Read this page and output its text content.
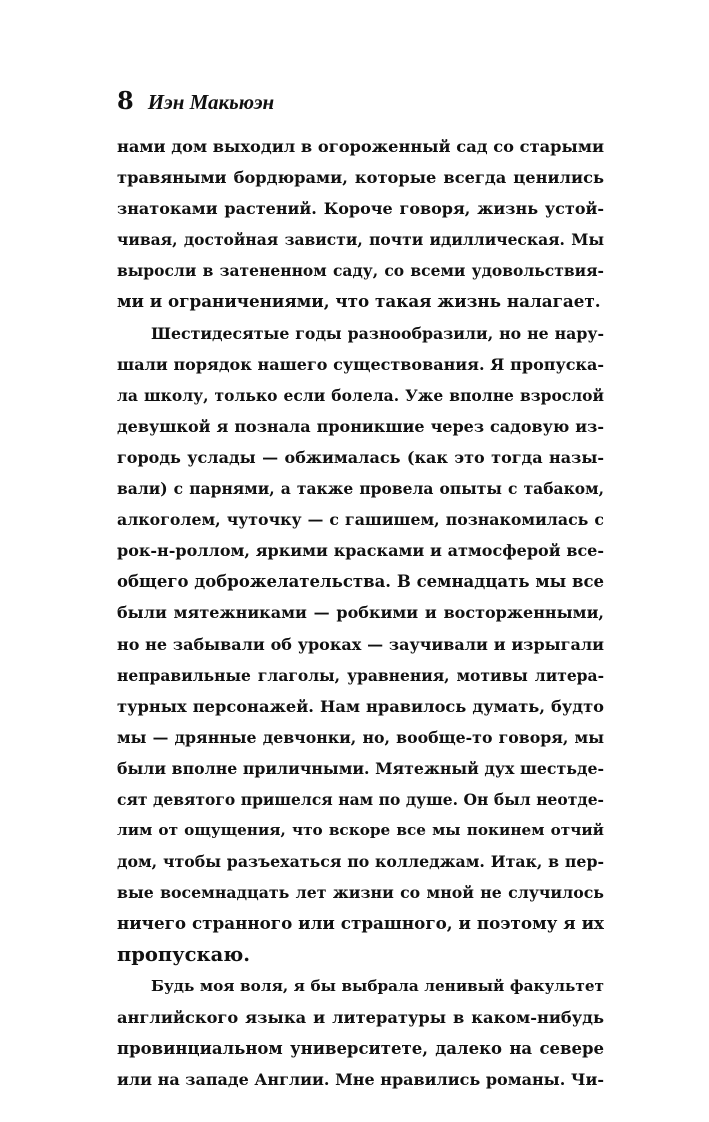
8 Иэн Макьюэн
нами дом выходил в огороженный сад со старыми
травяными бордюрами, которые всегда ценились
знатоками растений. Короче говоря, жизнь устой-
чивая, достойная зависти, почти идиллическая. Мы
выросли в затененном саду, со всеми удовольствия-
ми и ограничениями, что такая жизнь налагает.
Шестидесятые годы разнообразили, но не нару-
шали порядок нашего существования. Я пропуска-
ла школу, только если болела. Уже вполне взрослой
девушкой я познала проникшие через садовую из-
городь услады — обжималась (как это тогда назы-
вали) с парнями, а также провела опыты с табаком,
алкоголем, чуточку — с гашишем, познакомилась с
рок-н-роллом, яркими красками и атмосферой все-
общего доброжелательства. В семнадцать мы все
были мятежниками — робкими и восторженными,
но не забывали об уроках — заучивали и изрыгали
неправильные глаголы, уравнения, мотивы литера-
турных персонажей. Нам нравилось думать, будто
мы — дрянные девчонки, но, вообще-то говоря, мы
были вполне приличными. Мятежный дух шестьде-
сят девятого пришелся нам по душе. Он был неотде-
лим от ощущения, что вскоре все мы покинем отчий
дом, чтобы разъехаться по колледжам. Итак, в пер-
вые восемнадцать лет жизни со мной не случилось
ничего странного или страшного, и поэтому я их
пропускаю.
Будь моя воля, я бы выбрала ленивый факультет
английского языка и литературы в каком-нибудь
провинциальном университете, далеко на севере
или на западе Англии. Мне нравились романы. Чи-
